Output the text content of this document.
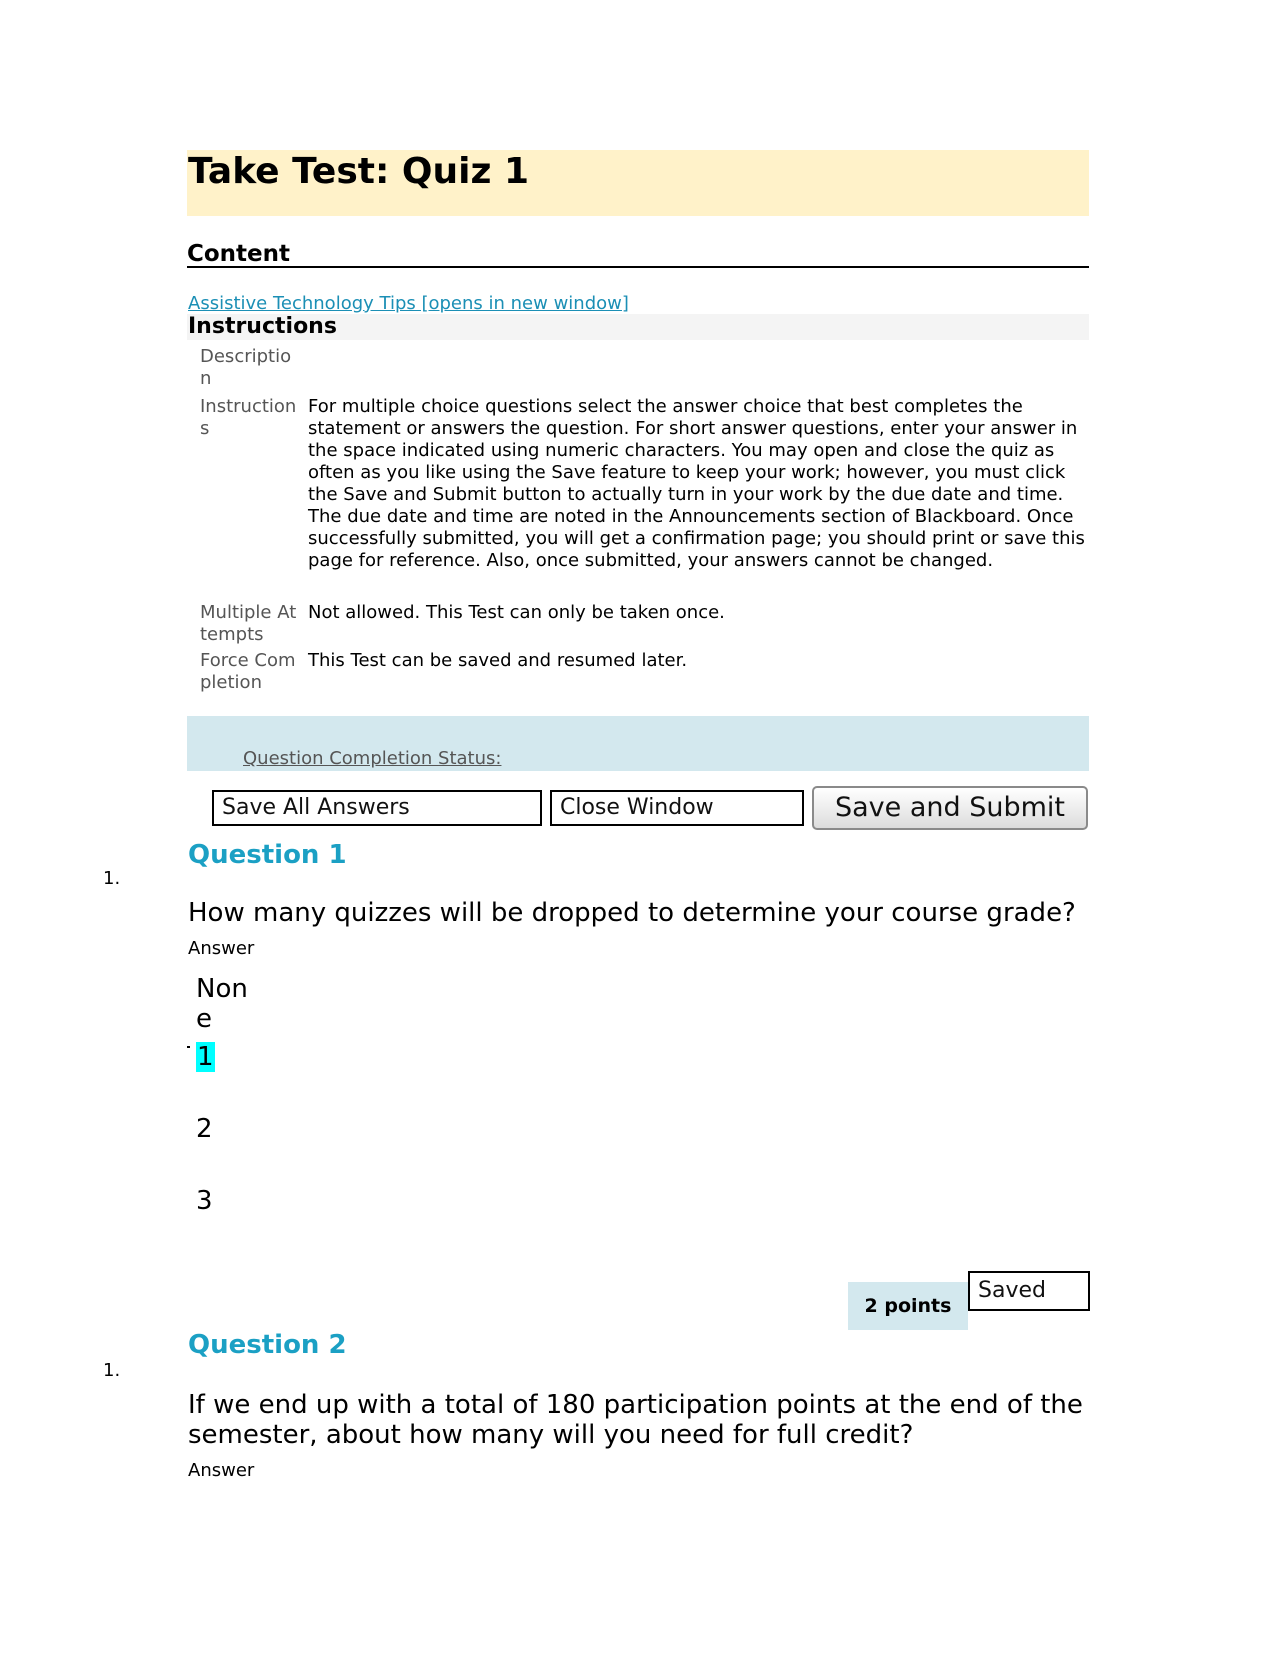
Take Test: Quiz 1
Content
Assistive Technology Tips [opens in new window]
Instructions
Description
Instructions
For multiple choice questions select the answer choice that best completes the statement or answers the question. For short answer questions, enter your answer in the space indicated using numeric characters. You may open and close the quiz as often as you like using the Save feature to keep your work; however, you must click the Save and Submit button to actually turn in your work by the due date and time. The due date and time are noted in the Announcements section of Blackboard. Once successfully submitted, you will get a confirmation page; you should print or save this page for reference. Also, once submitted, your answers cannot be changed.
Multiple Attempts
Not allowed. This Test can only be taken once.
Force Completion
This Test can be saved and resumed later.
Question Completion Status:
Save All Answers	Close Window	Save and Submit
Question 1
1.
How many quizzes will be dropped to determine your course grade?
Answer
None
1
2
3
2 points
Saved
Question 2
1.
If we end up with a total of 180 participation points at the end of the semester, about how many will you need for full credit?
Answer
